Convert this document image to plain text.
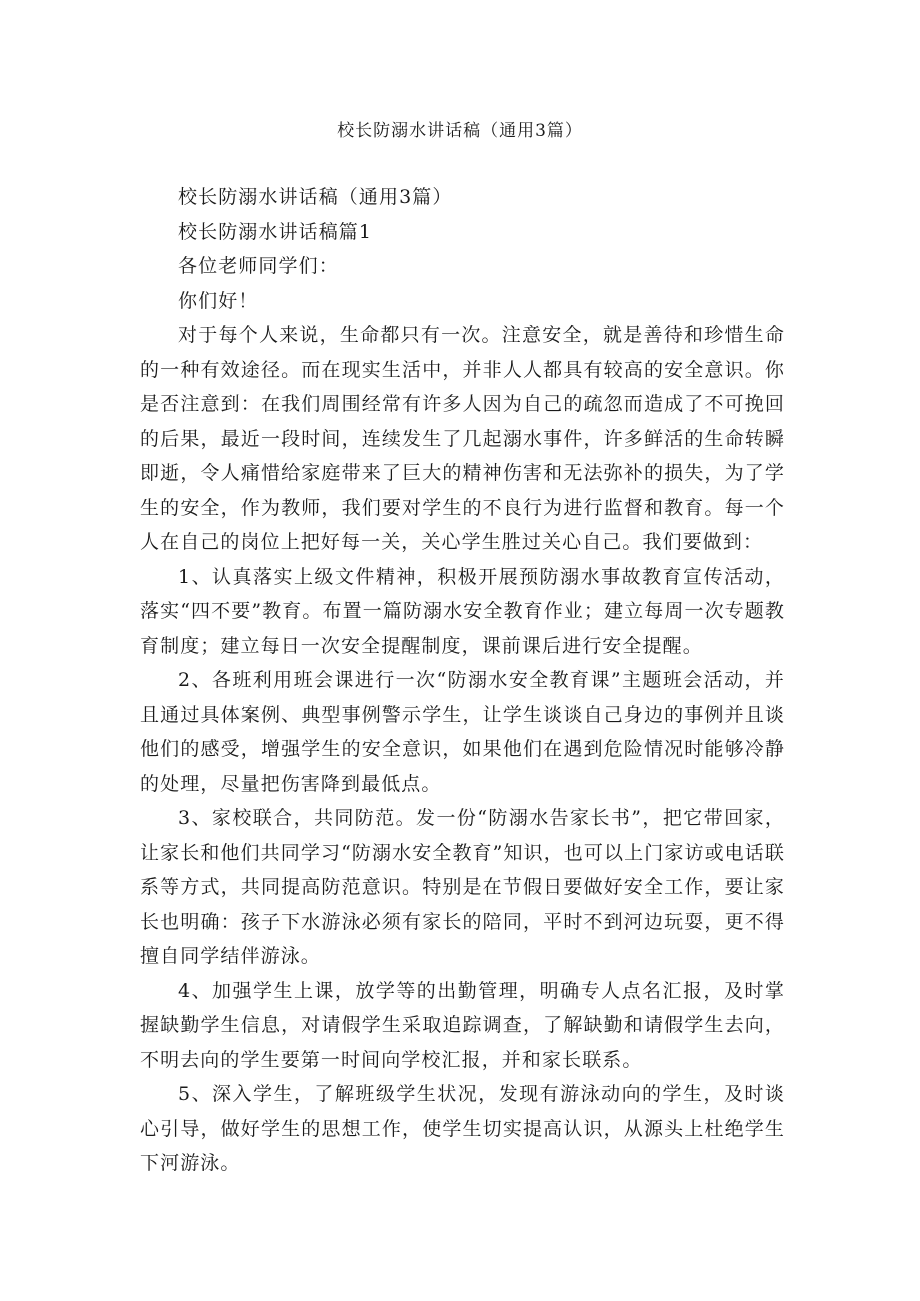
校长防溺水讲话稿（通用3篇）

校长防溺水讲话稿（通用3篇）

校长防溺水讲话稿篇1

各位老师同学们：

你们好！

对于每个人来说，生命都只有一次。注意安全，就是善待和珍惜生命的一种有效途径。而在现实生活中，并非人人都具有较高的安全意识。你是否注意到：在我们周围经常有许多人因为自己的疏忽而造成了不可挽回的后果，最近一段时间，连续发生了几起溺水事件，许多鲜活的生命转瞬即逝，令人痛惜给家庭带来了巨大的精神伤害和无法弥补的损失，为了学生的安全，作为教师，我们要对学生的不良行为进行监督和教育。每一个人在自己的岗位上把好每一关，关心学生胜过关心自己。我们要做到：

1、认真落实上级文件精神，积极开展预防溺水事故教育宣传活动，落实“四不要”教育。布置一篇防溺水安全教育作业；建立每周一次专题教育制度；建立每日一次安全提醒制度，课前课后进行安全提醒。

2、各班利用班会课进行一次“防溺水安全教育课”主题班会活动，并且通过具体案例、典型事例警示学生，让学生谈谈自己身边的事例并且谈他们的感受，增强学生的安全意识，如果他们在遇到危险情况时能够冷静的处理，尽量把伤害降到最低点。

3、家校联合，共同防范。发一份“防溺水告家长书”，把它带回家，让家长和他们共同学习“防溺水安全教育”知识，也可以上门家访或电话联系等方式，共同提高防范意识。特别是在节假日要做好安全工作，要让家长也明确：孩子下水游泳必须有家长的陪同，平时不到河边玩耍，更不得擅自同学结伴游泳。

4、加强学生上课，放学等的出勤管理，明确专人点名汇报，及时掌握缺勤学生信息，对请假学生采取追踪调查，了解缺勤和请假学生去向，不明去向的学生要第一时间向学校汇报，并和家长联系。

5、深入学生，了解班级学生状况，发现有游泳动向的学生，及时谈心引导，做好学生的思想工作，使学生切实提高认识，从源头上杜绝学生下河游泳。
